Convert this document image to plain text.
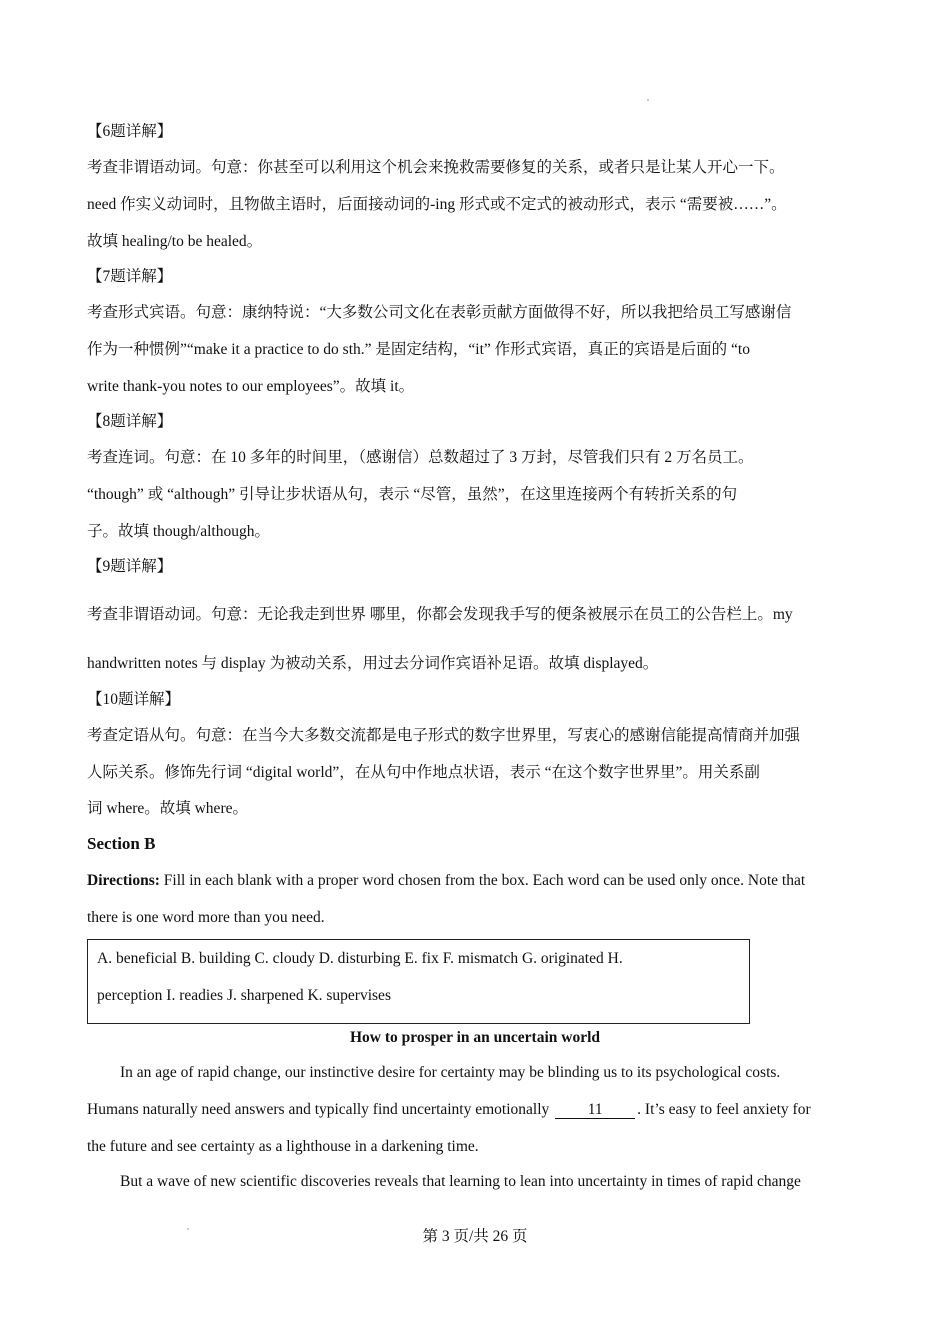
【6题详解】
考查非谓语动词。句意：你甚至可以利用这个机会来挽救需要修复的关系，或者只是让某人开心一下。
need 作实义动词时，且物做主语时，后面接动词的-ing 形式或不定式的被动形式，表示 “需要被……”。
故填 healing/to be healed。
【7题详解】
考查形式宾语。句意：康纳特说：“大多数公司文化在表彰贡献方面做得不好，所以我把给员工写感谢信
作为一种惯例”“make it a practice to do sth.” 是固定结构，“it” 作形式宾语，真正的宾语是后面的 “to
write thank-you notes to our employees”。故填 it。
【8题详解】
考查连词。句意：在 10 多年的时间里，（感谢信）总数超过了 3 万封，尽管我们只有 2 万名员工。
“though” 或 “although” 引导让步状语从句，表示 “尽管，虽然”，在这里连接两个有转折关系的句
子。故填 though/although。
【9题详解】
考查非谓语动词。句意：无论我走到世界 哪里，你都会发现我手写的便条被展示在员工的公告栏上。my
handwritten notes 与 display 为被动关系，用过去分词作宾语补足语。故填 displayed。
【10题详解】
考查定语从句。句意：在当今大多数交流都是电子形式的数字世界里，写衷心的感谢信能提高情商并加强
人际关系。修饰先行词 “digital world”，在从句中作地点状语，表示 “在这个数字世界里”。用关系副
词 where。故填 where。
Section B
Directions: Fill in each blank with a proper word chosen from the box. Each word can be used only once. Note that
there is one word more than you need.
A. beneficial B. building C. cloudy D. disturbing E. fix F. mismatch G. originated H.
perception I. readies J. sharpened K. supervises
How to prosper in an uncertain world
In an age of rapid change, our instinctive desire for certainty may be blinding us to its psychological costs.
Humans naturally need answers and typically find uncertainty emotionally 11 . It’s easy to feel anxiety for
the future and see certainty as a lighthouse in a darkening time.
But a wave of new scientific discoveries reveals that learning to lean into uncertainty in times of rapid change
第 3 页/共 26 页
